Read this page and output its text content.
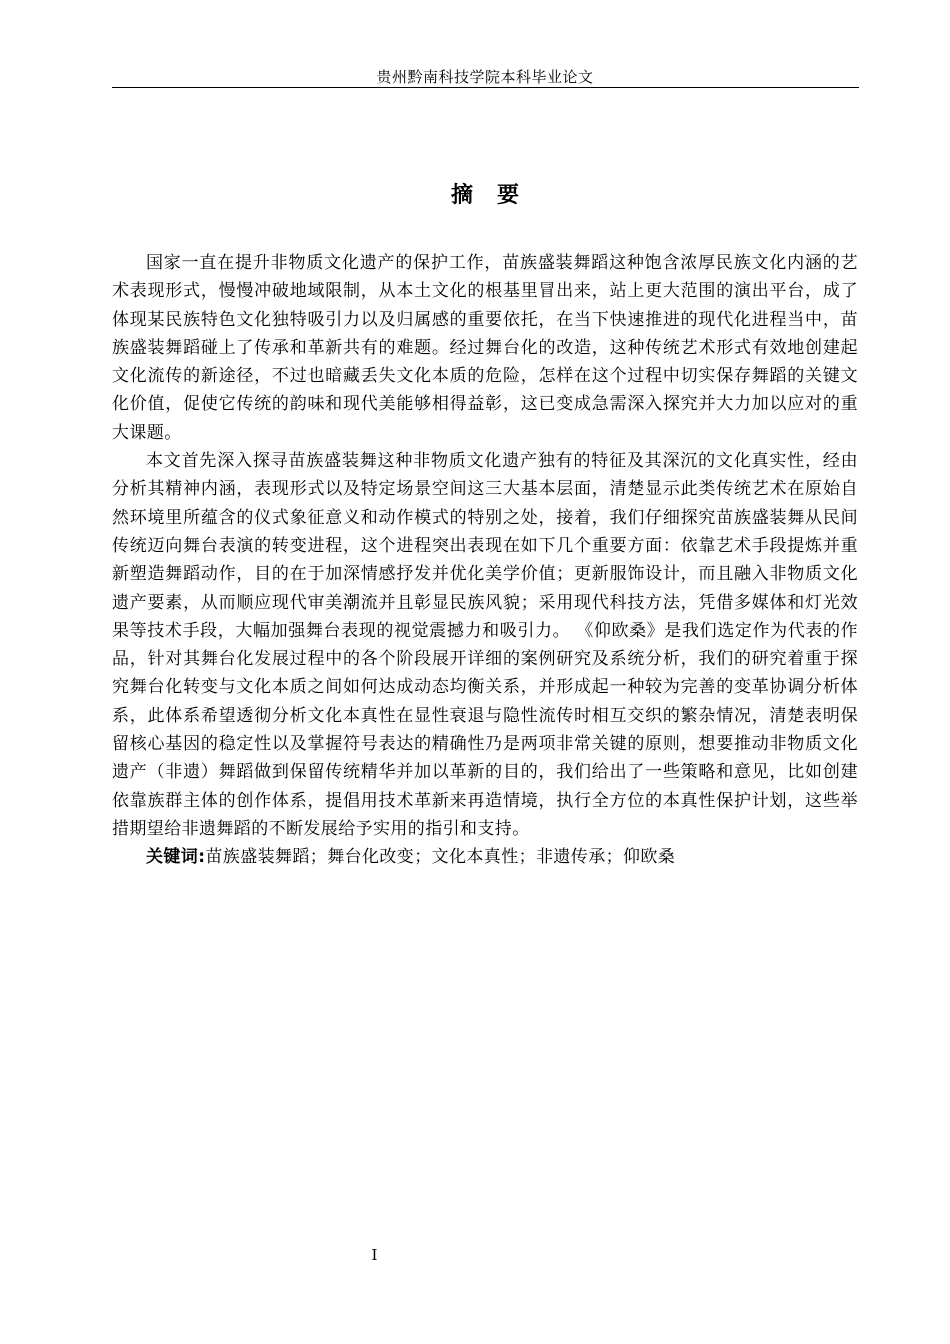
贵州黔南科技学院本科毕业论文
摘要

国家一直在提升非物质文化遗产的保护工作，苗族盛装舞蹈这种饱含浓厚民族文化内涵的艺术表现形式，慢慢冲破地域限制，从本土文化的根基里冒出来，站上更大范围的演出平台，成了体现某民族特色文化独特吸引力以及归属感的重要依托，在当下快速推进的现代化进程当中，苗族盛装舞蹈碰上了传承和革新共有的难题。经过舞台化的改造，这种传统艺术形式有效地创建起文化流传的新途径，不过也暗藏丢失文化本质的危险，怎样在这个过程中切实保存舞蹈的关键文化价值，促使它传统的韵味和现代美能够相得益彰，这已变成急需深入探究并大力加以应对的重大课题。

本文首先深入探寻苗族盛装舞这种非物质文化遗产独有的特征及其深沉的文化真实性，经由分析其精神内涵，表现形式以及特定场景空间这三大基本层面，清楚显示此类传统艺术在原始自然环境里所蕴含的仪式象征意义和动作模式的特别之处，接着，我们仔细探究苗族盛装舞从民间传统迈向舞台表演的转变进程，这个进程突出表现在如下几个重要方面：依靠艺术手段提炼并重新塑造舞蹈动作，目的在于加深情感抒发并优化美学价值；更新服饰设计，而且融入非物质文化遗产要素，从而顺应现代审美潮流并且彰显民族风貌；采用现代科技方法，凭借多媒体和灯光效果等技术手段，大幅加强舞台表现的视觉震撼力和吸引力。 《仰欧桑》是我们选定作为代表的作品，针对其舞台化发展过程中的各个阶段展开详细的案例研究及系统分析，我们的研究着重于探究舞台化转变与文化本质之间如何达成动态均衡关系，并形成起一种较为完善的变革协调分析体系，此体系希望透彻分析文化本真性在显性衰退与隐性流传时相互交织的繁杂情况，清楚表明保留核心基因的稳定性以及掌握符号表达的精确性乃是两项非常关键的原则，想要推动非物质文化遗产（非遗）舞蹈做到保留传统精华并加以革新的目的，我们给出了一些策略和意见，比如创建依靠族群主体的创作体系，提倡用技术革新来再造情境，执行全方位的本真性保护计划，这些举措期望给非遗舞蹈的不断发展给予实用的指引和支持。

关键词:苗族盛装舞蹈；舞台化改变；文化本真性；非遗传承；仰欧桑

I
